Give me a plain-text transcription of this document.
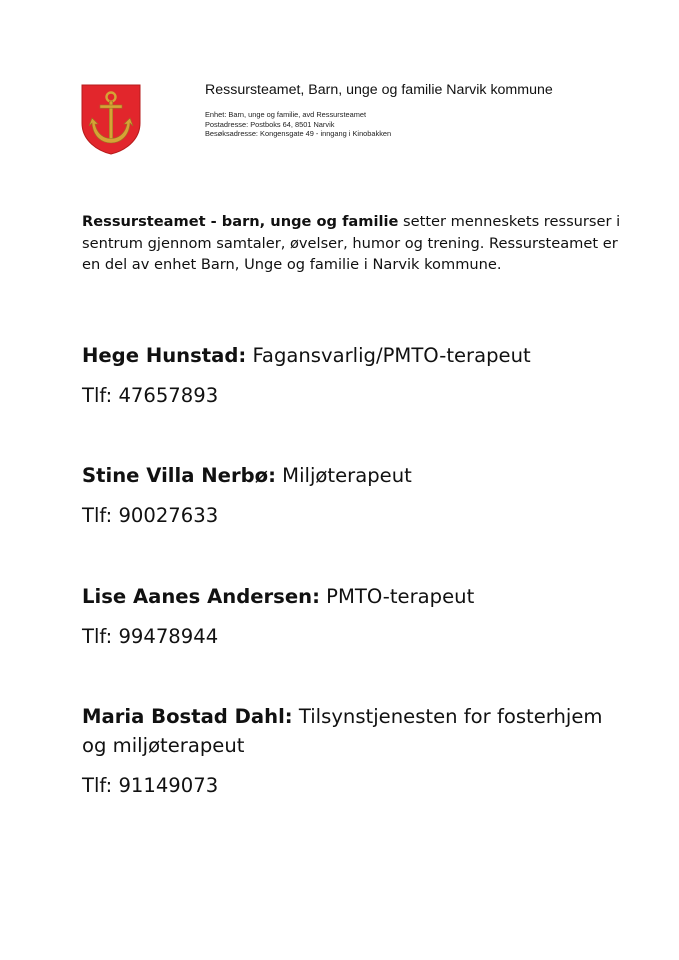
Ressursteamet, Barn, unge og familie Narvik kommune

Enhet: Barn, unge og familie, avd Ressursteamet

Postadresse: Postboks 64, 8501 Narvik

Besøksadresse: Kongensgate 49 - inngang i Kinobakken

Ressursteamet - barn, unge og familie setter menneskets ressurser i sentrum gjennom samtaler, øvelser, humor og trening. Ressursteamet er en del av enhet Barn, Unge og familie i Narvik kommune.

Hege Hunstad: Fagansvarlig/PMTO-terapeut

Tlf: 47657893

Stine Villa Nerbø: Miljøterapeut

Tlf: 90027633

Lise Aanes Andersen: PMTO-terapeut

Tlf: 99478944

Maria Bostad Dahl: Tilsynstjenesten for fosterhjem og miljøterapeut

Tlf: 91149073
